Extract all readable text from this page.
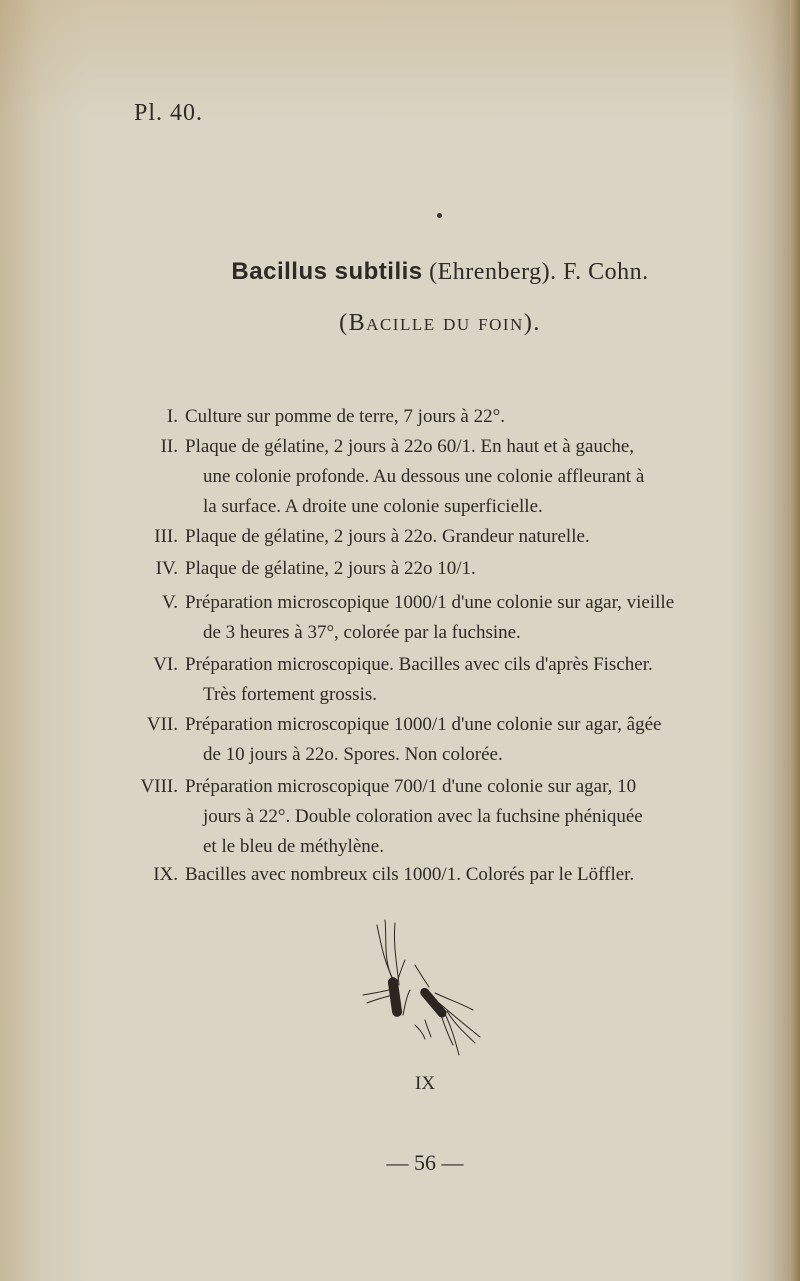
Pl. 40.
Bacillus subtilis (Ehrenberg). F. Cohn.
(Bacille du foin).
I. Culture sur pomme de terre, 7 jours à 22°.
II. Plaque de gélatine, 2 jours à 22o 60/1. En haut et à gauche,
une colonie profonde. Au dessous une colonie affleurant à
la surface. A droite une colonie superficielle.
III. Plaque de gélatine, 2 jours à 22o. Grandeur naturelle.
IV. Plaque de gélatine, 2 jours à 22o 10/1.
V. Préparation microscopique 1000/1 d'une colonie sur agar, vieille
de 3 heures à 37°, colorée par la fuchsine.
VI. Préparation microscopique. Bacilles avec cils d'après Fischer.
Très fortement grossis.
VII. Préparation microscopique 1000/1 d'une colonie sur agar, âgée
de 10 jours à 22o. Spores. Non colorée.
VIII. Préparation microscopique 700/1 d'une colonie sur agar, 10
jours à 22°. Double coloration avec la fuchsine phéniquée
et le bleu de méthylène.
IX. Bacilles avec nombreux cils 1000/1. Colorés par le Löffler.
IX
— 56 —
